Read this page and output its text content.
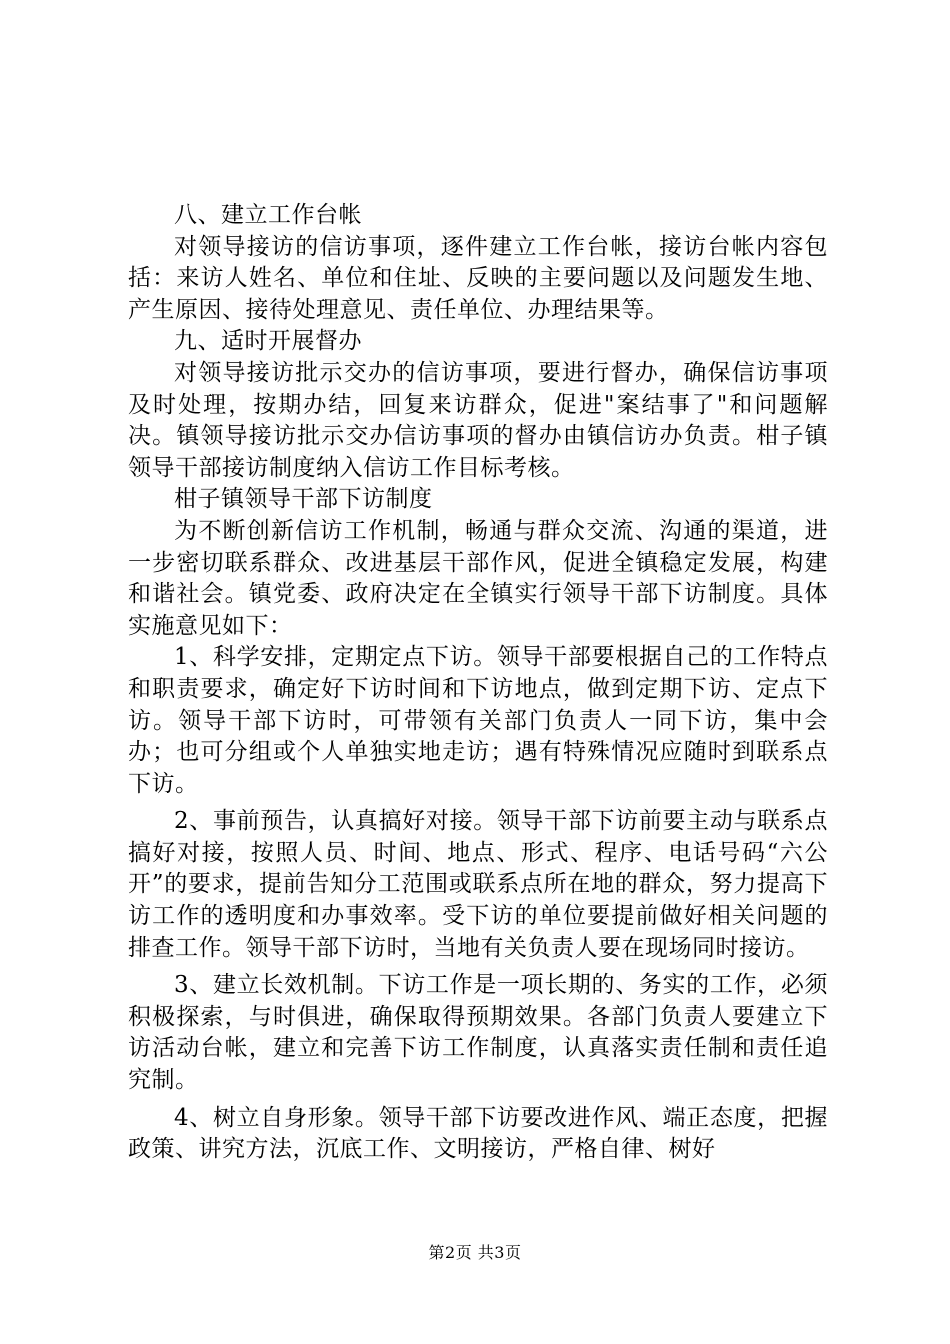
八、建立工作台帐

对领导接访的信访事项，逐件建立工作台帐，接访台帐内容包括：来访人姓名、单位和住址、反映的主要问题以及问题发生地、产生原因、接待处理意见、责任单位、办理结果等。

九、适时开展督办

对领导接访批示交办的信访事项，要进行督办，确保信访事项及时处理，按期办结，回复来访群众，促进"案结事了"和问题解决。镇领导接访批示交办信访事项的督办由镇信访办负责。柑子镇领导干部接访制度纳入信访工作目标考核。

柑子镇领导干部下访制度

为不断创新信访工作机制，畅通与群众交流、沟通的渠道，进一步密切联系群众、改进基层干部作风，促进全镇稳定发展，构建和谐社会。镇党委、政府决定在全镇实行领导干部下访制度。具体实施意见如下：

1、科学安排，定期定点下访。领导干部要根据自己的工作特点和职责要求，确定好下访时间和下访地点，做到定期下访、定点下访。领导干部下访时，可带领有关部门负责人一同下访，集中会办；也可分组或个人单独实地走访；遇有特殊情况应随时到联系点下访。

2、事前预告，认真搞好对接。领导干部下访前要主动与联系点搞好对接，按照人员、时间、地点、形式、程序、电话号码“六公开”的要求，提前告知分工范围或联系点所在地的群众，努力提高下访工作的透明度和办事效率。受下访的单位要提前做好相关问题的排查工作。领导干部下访时，当地有关负责人要在现场同时接访。

3、建立长效机制。下访工作是一项长期的、务实的工作，必须积极探索，与时俱进，确保取得预期效果。各部门负责人要建立下访活动台帐，建立和完善下访工作制度，认真落实责任制和责任追究制。

4、树立自身形象。领导干部下访要改进作风、端正态度，把握政策、讲究方法，沉底工作、文明接访，严格自律、树好

第2页 共3页
